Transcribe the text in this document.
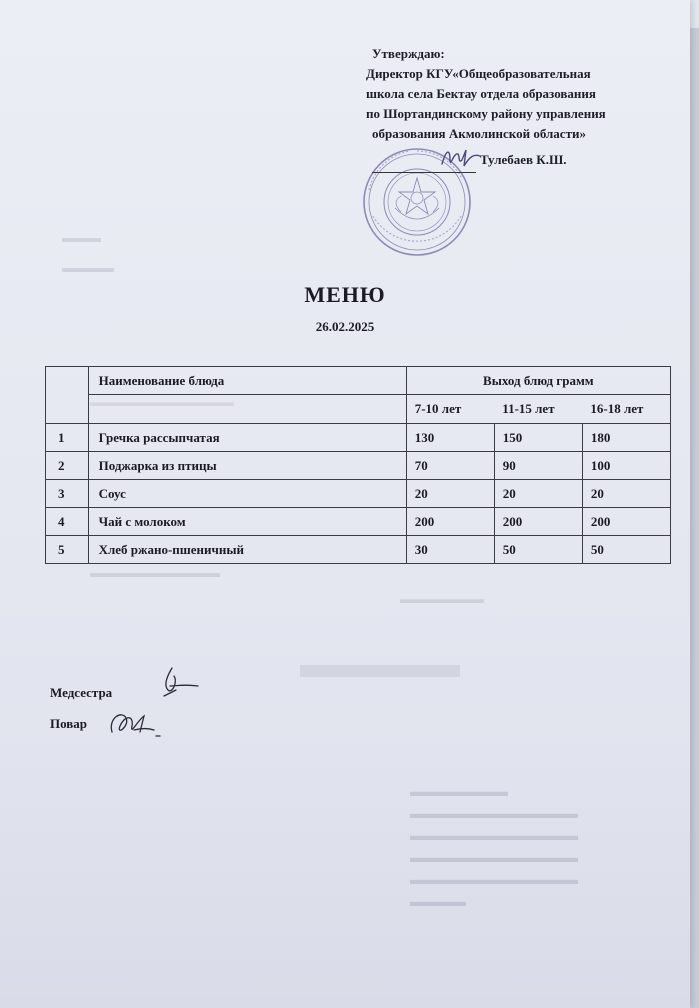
▬▬▬
▬▬▬▬
▬▬▬▬
▬▬▬▬▬▬▬
▬▬▬▬▬▬▬▬▬▬▬▬
▬▬▬▬▬▬▬▬▬▬▬▬
▬▬▬▬▬▬▬▬▬▬▬▬
▬▬▬▬▬▬▬▬▬▬▬▬
▬▬▬▬
▬▬▬▬▬▬▬▬▬▬
▬▬▬▬▬▬▬
▬▬▬▬▬▬▬▬▬▬▬▬
Утверждаю:
Директор КГУ«Общеобразовательная
школа села Бектау отдела образования
по Шортандинскому району управления
образования Акмолинской области»
Тулебаев К.Ш.
МЕНЮ
26.02.2025
	Наименование блюда	Выход блюд грамм		
		7-10 лет	11-15 лет	16-18 лет
1	Гречка рассыпчатая	130	150	180
2	Поджарка из птицы	70	90	100
3	Соус	20	20	20
4	Чай с молоком	200	200	200
5	Хлеб ржано-пшеничный	30	50	50
Медсестра
Повар
